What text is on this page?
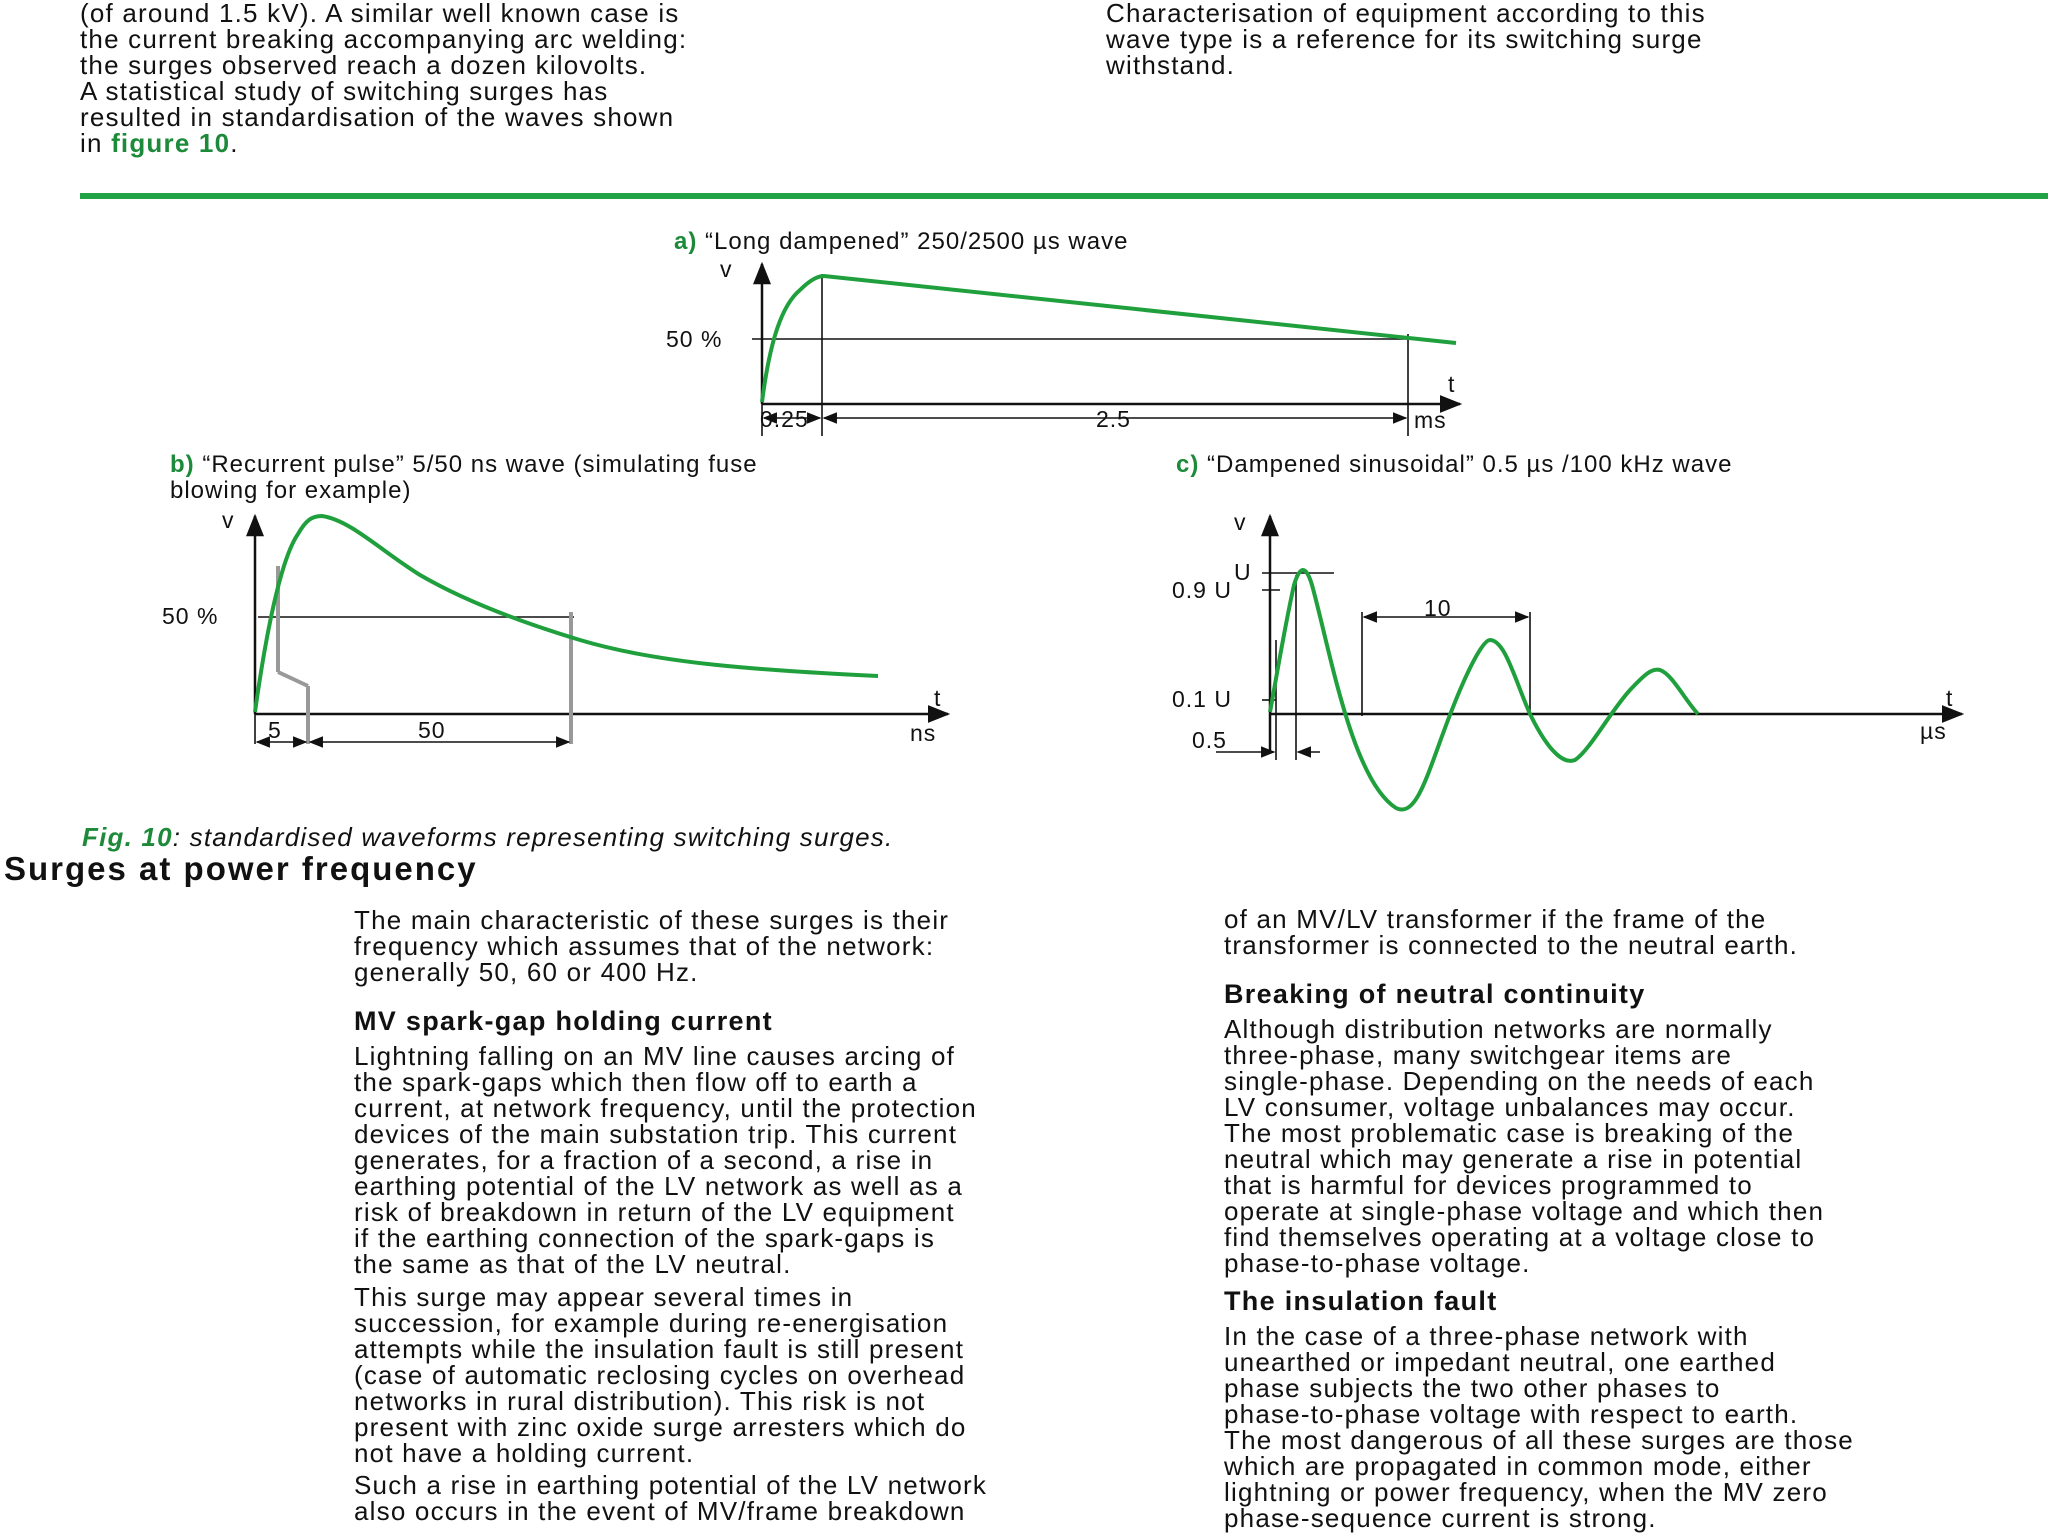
(of around 1.5 kV). A similar well known case is
the current breaking accompanying arc welding:
the surges observed reach a dozen kilovolts.
A statistical study of switching surges has
resulted in standardisation of the waves shown
in figure 10.

Characterisation of equipment according to this
wave type is a reference for its switching surge
withstand.

a) “Long dampened” 250/2500 µs wave
v
t
ms
50 %
0.25	2.5
b) “Recurrent pulse” 5/50 ns wave (simulating fuse
blowing for example)
v
t
ns
50 %
5	50
c) “Dampened sinusoidal” 0.5 µs /100 kHz wave
v
t
µs
U
0.9 U
0.1 U
0.5
10

Fig. 10: standardised waveforms representing switching surges.

Surges at power frequency

The main characteristic of these surges is their
frequency which assumes that of the network:
generally 50, 60 or 400 Hz.

MV spark-gap holding current

Lightning falling on an MV line causes arcing of
the spark-gaps which then flow off to earth a
current, at network frequency, until the protection
devices of the main substation trip. This current
generates, for a fraction of a second, a rise in
earthing potential of the LV network as well as a
risk of breakdown in return of the LV equipment
if the earthing connection of the spark-gaps is
the same as that of the LV neutral.

This surge may appear several times in
succession, for example during re-energisation
attempts while the insulation fault is still present
(case of automatic reclosing cycles on overhead
networks in rural distribution). This risk is not
present with zinc oxide surge arresters which do
not have a holding current.

Such a rise in earthing potential of the LV network
also occurs in the event of MV/frame breakdown

of an MV/LV transformer if the frame of the
transformer is connected to the neutral earth.

Breaking of neutral continuity

Although distribution networks are normally
three-phase, many switchgear items are
single-phase. Depending on the needs of each
LV consumer, voltage unbalances may occur.
The most problematic case is breaking of the
neutral which may generate a rise in potential
that is harmful for devices programmed to
operate at single-phase voltage and which then
find themselves operating at a voltage close to
phase-to-phase voltage.

The insulation fault

In the case of a three-phase network with
unearthed or impedant neutral, one earthed
phase subjects the two other phases to
phase-to-phase voltage with respect to earth.

The most dangerous of all these surges are those
which are propagated in common mode, either
lightning or power frequency, when the MV zero
phase-sequence current is strong.
